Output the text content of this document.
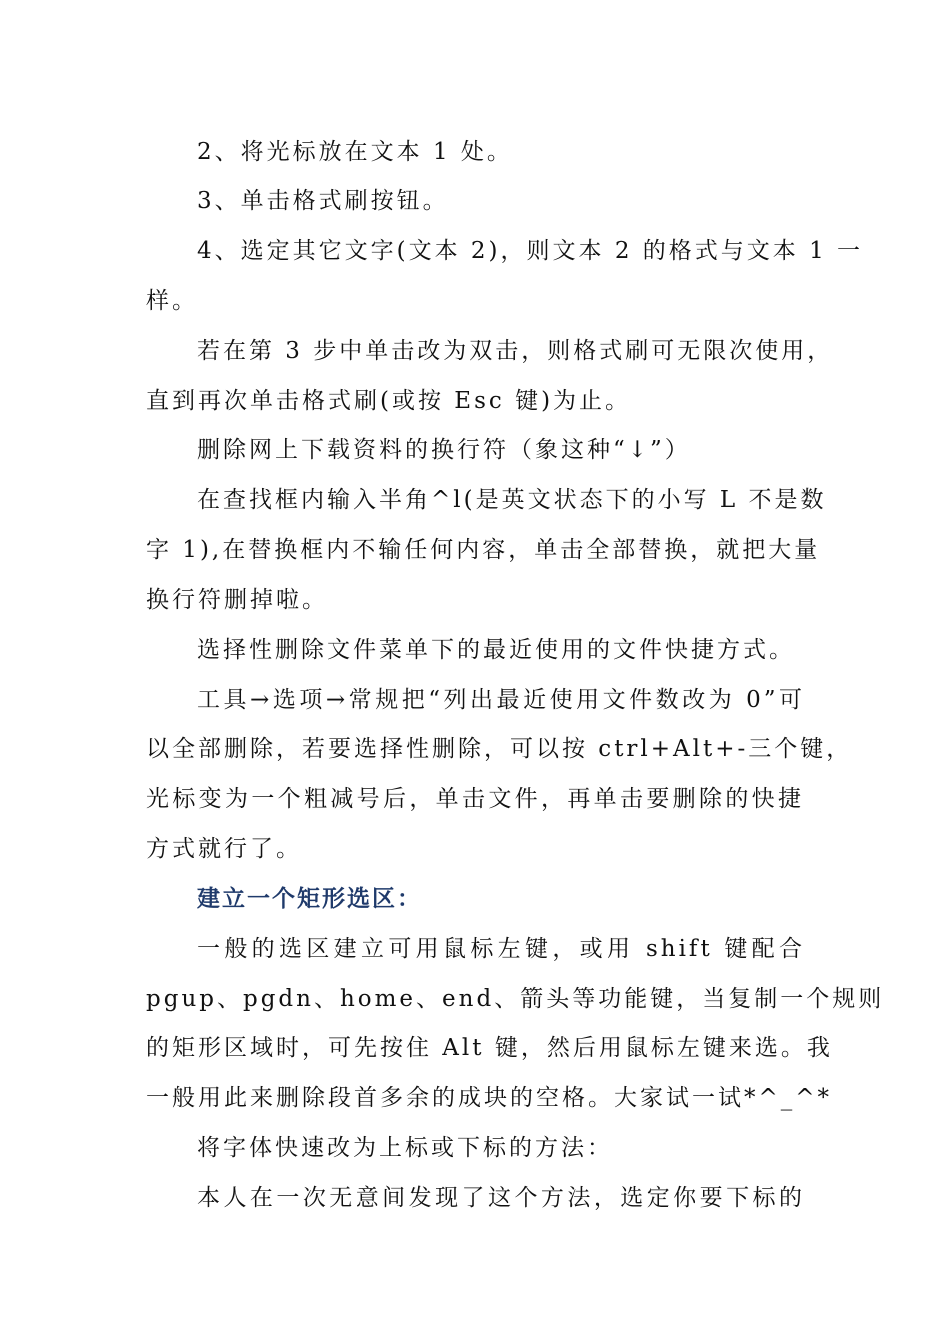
2、将光标放在文本 1 处。
3、单击格式刷按钮。
4、选定其它文字(文本 2)，则文本 2 的格式与文本 1 一
样。
若在第 3 步中单击改为双击，则格式刷可无限次使用，
直到再次单击格式刷(或按 Esc 键)为止。
删除网上下载资料的换行符（象这种“↓”）
在查找框内输入半角^l(是英文状态下的小写 L 不是数
字 1),在替换框内不输任何内容，单击全部替换，就把大量
换行符删掉啦。
选择性删除文件菜单下的最近使用的文件快捷方式。
工具→选项→常规把“列出最近使用文件数改为 0”可
以全部删除，若要选择性删除，可以按 ctrl+Alt+-三个键，
光标变为一个粗减号后，单击文件，再单击要删除的快捷
方式就行了。
建立一个矩形选区：
一般的选区建立可用鼠标左键，或用 shift 键配合
pgup、pgdn、home、end、箭头等功能键，当复制一个规则
的矩形区域时，可先按住 Alt 键，然后用鼠标左键来选。我
一般用此来删除段首多余的成块的空格。大家试一试*^_^*
将字体快速改为上标或下标的方法：
本人在一次无意间发现了这个方法，选定你要下标的
